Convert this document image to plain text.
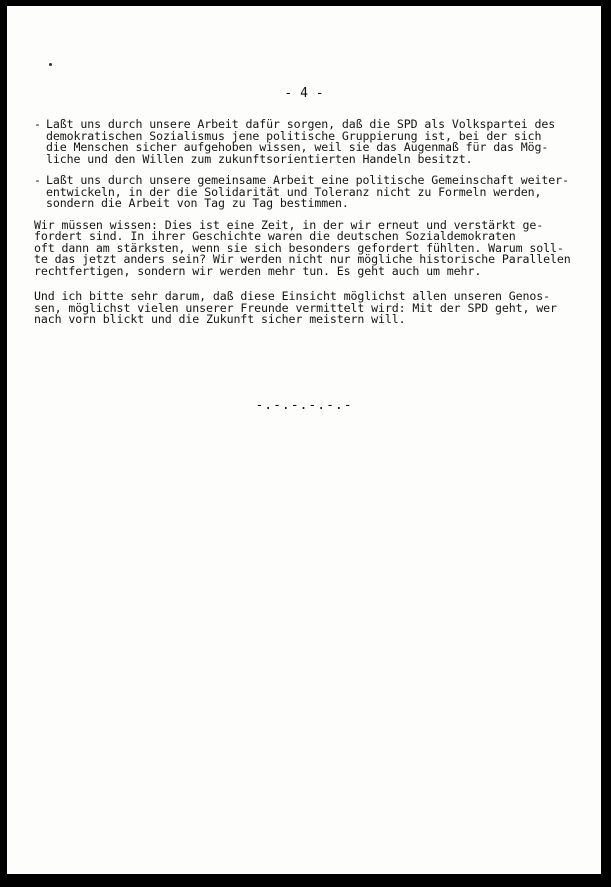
- 4 -
- Laßt uns durch unsere Arbeit dafür sorgen, daß die SPD als Volkspartei des
demokratischen Sozialismus jene politische Gruppierung ist, bei der sich
die Menschen sicher aufgehoben wissen, weil sie das Augenmaß für das Mög-
liche und den Willen zum zukunftsorientierten Handeln besitzt.
- Laßt uns durch unsere gemeinsame Arbeit eine politische Gemeinschaft weiter-
entwickeln, in der die Solidarität und Toleranz nicht zu Formeln werden,
sondern die Arbeit von Tag zu Tag bestimmen.
Wir müssen wissen: Dies ist eine Zeit, in der wir erneut und verstärkt ge-
fordert sind. In ihrer Geschichte waren die deutschen Sozialdemokraten
oft dann am stärksten, wenn sie sich besonders gefordert fühlten. Warum soll-
te das jetzt anders sein? Wir werden nicht nur mögliche historische Parallelen
rechtfertigen, sondern wir werden mehr tun. Es geht auch um mehr.
Und ich bitte sehr darum, daß diese Einsicht möglichst allen unseren Genos-
sen, möglichst vielen unserer Freunde vermittelt wird: Mit der SPD geht, wer
nach vorn blickt und die Zukunft sicher meistern will.
-.-.-.-.-.-
